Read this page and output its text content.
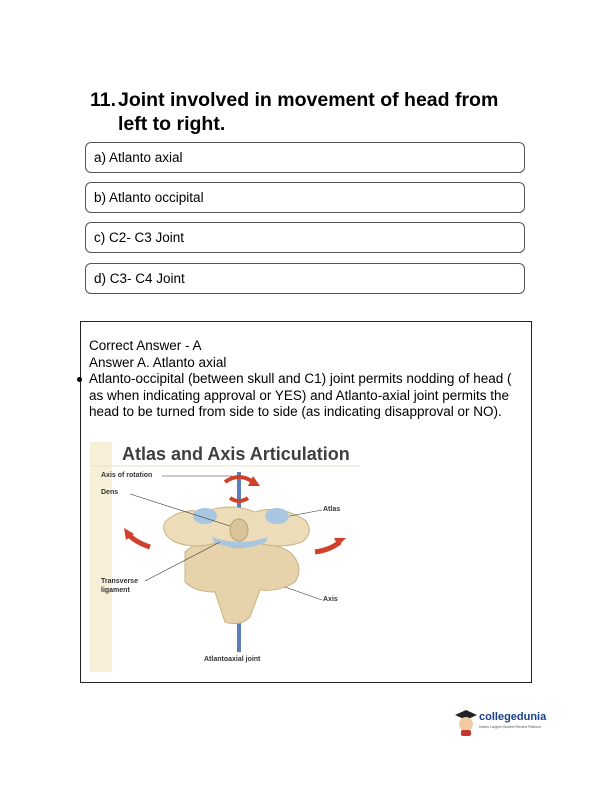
11. Joint involved in movement of head from
left to right.
a) Atlanto axial
b) Atlanto occipital
c) C2- C3 Joint
d) C3- C4 Joint
Correct Answer - A
Answer A. Atlanto axial
Atlanto-occipital (between skull and C1) joint permits nodding of head ( as when indicating approval or YES) and Atlanto-axial joint permits the head to be turned from side to side (as indicating disapproval or NO).
Atlas and Axis Articulation
Axis of rotation
Dens
Atlas
Transverse
ligament
Axis
Atlantoaxial joint
collegedunia
India's Largest Student Review Platform
